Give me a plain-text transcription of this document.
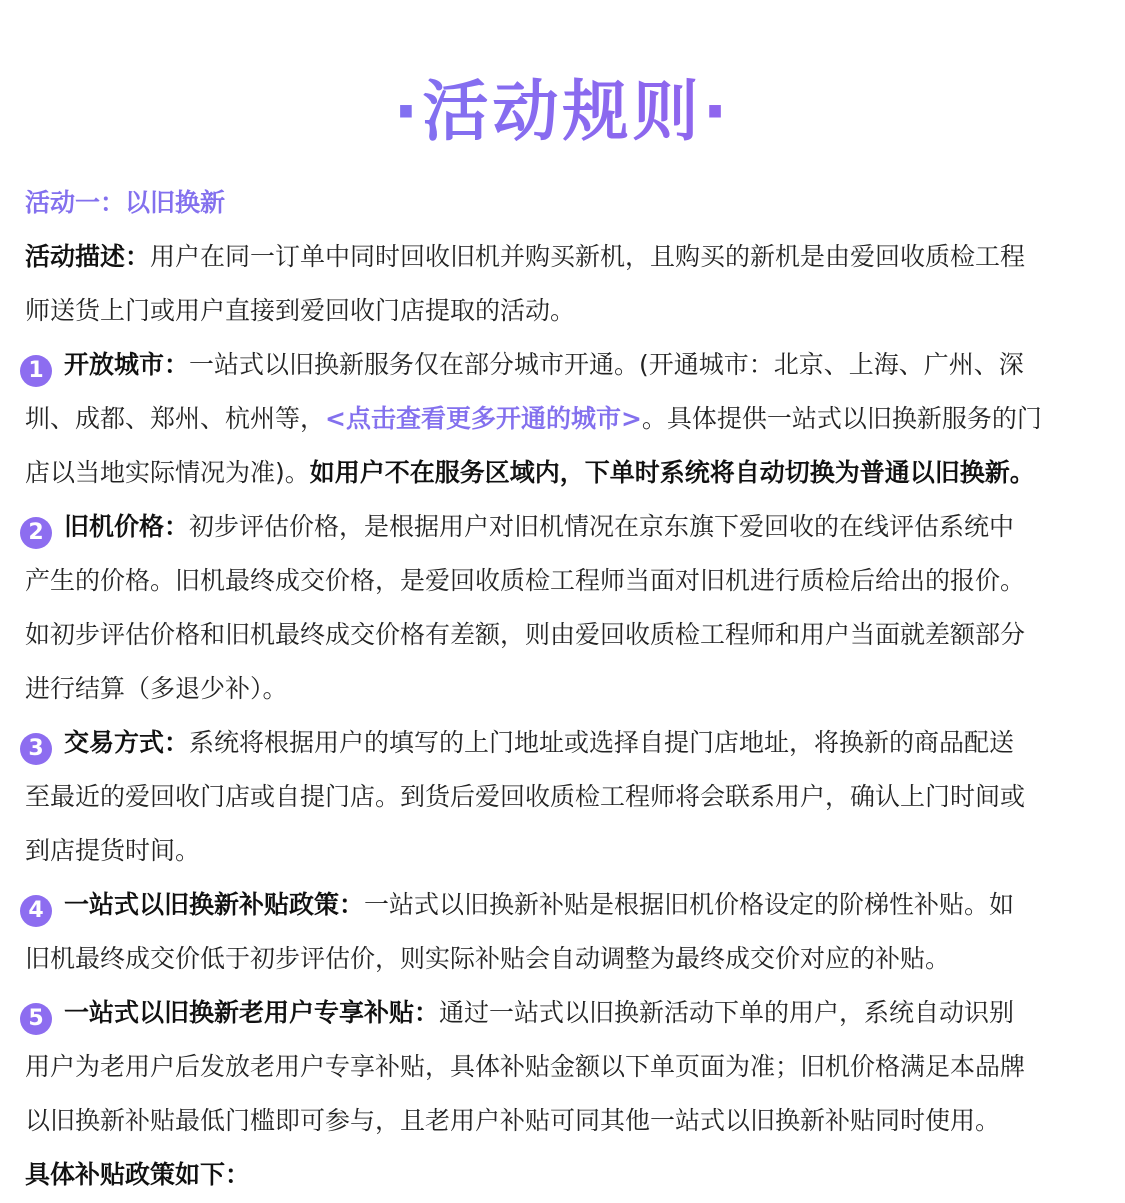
·活动规则·
活动一：以旧换新
活动描述：用户在同一订单中同时回收旧机并购买新机，且购买的新机是由爱回收质检工程
师送货上门或用户直接到爱回收门店提取的活动。
1 开放城市：一站式以旧换新服务仅在部分城市开通。(开通城市：北京、上海、广州、深
圳、成都、郑州、杭州等，<点击查看更多开通的城市>。具体提供一站式以旧换新服务的门
店以当地实际情况为准)。如用户不在服务区域内，下单时系统将自动切换为普通以旧换新。
2 旧机价格：初步评估价格，是根据用户对旧机情况在京东旗下爱回收的在线评估系统中
产生的价格。旧机最终成交价格，是爱回收质检工程师当面对旧机进行质检后给出的报价。
如初步评估价格和旧机最终成交价格有差额，则由爱回收质检工程师和用户当面就差额部分
进行结算（多退少补）。
3 交易方式：系统将根据用户的填写的上门地址或选择自提门店地址，将换新的商品配送
至最近的爱回收门店或自提门店。到货后爱回收质检工程师将会联系用户，确认上门时间或
到店提货时间。
4 一站式以旧换新补贴政策：一站式以旧换新补贴是根据旧机价格设定的阶梯性补贴。如
旧机最终成交价低于初步评估价，则实际补贴会自动调整为最终成交价对应的补贴。
5 一站式以旧换新老用户专享补贴：通过一站式以旧换新活动下单的用户，系统自动识别
用户为老用户后发放老用户专享补贴，具体补贴金额以下单页面为准；旧机价格满足本品牌
以旧换新补贴最低门槛即可参与，且老用户补贴可同其他一站式以旧换新补贴同时使用。
具体补贴政策如下：
